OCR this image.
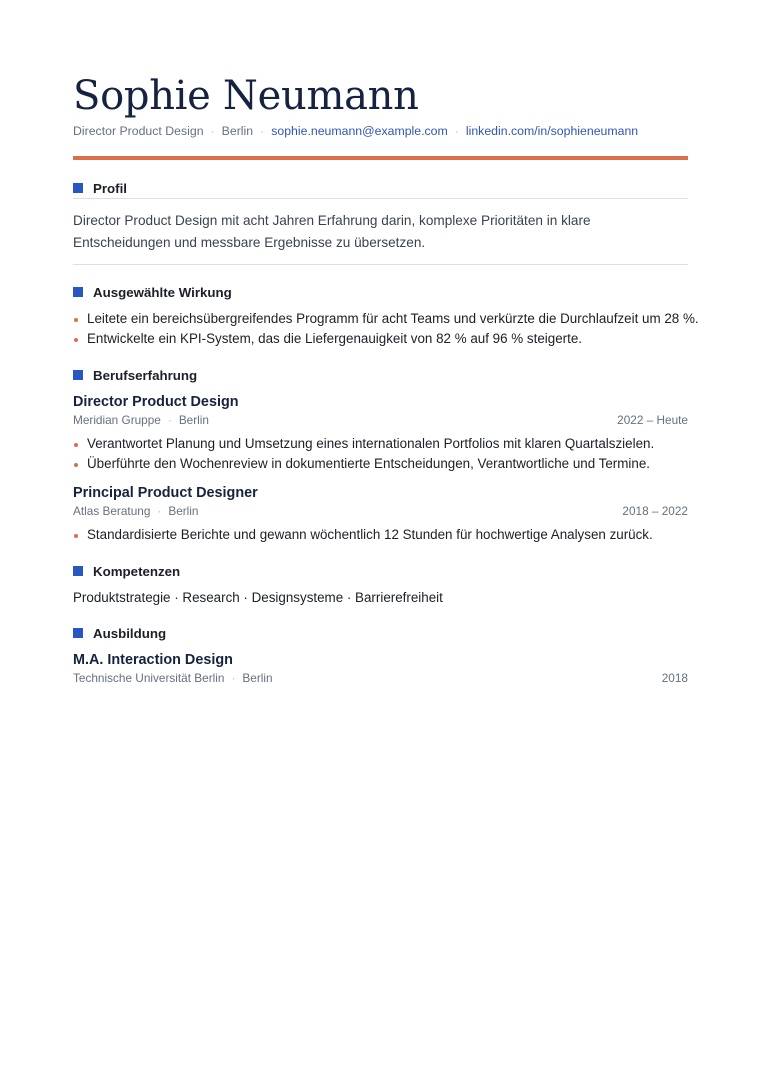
Sophie Neumann
Director Product Design · Berlin · sophie.neumann@example.com · linkedin.com/in/sophieneumann
Profil

Director Product Design mit acht Jahren Erfahrung darin, komplexe Prioritäten in klare Entscheidungen und messbare Ergebnisse zu übersetzen.

Ausgewählte Wirkung
Leitete ein bereichsübergreifendes Programm für acht Teams und verkürzte die Durchlaufzeit um 28 %.
Entwickelte ein KPI-System, das die Liefergenauigkeit von 82 % auf 96 % steigerte.
Berufserfahrung
Director Product Design
Meridian Gruppe · Berlin	2022 – Heute
Verantwortet Planung und Umsetzung eines internationalen Portfolios mit klaren Quartalszielen.
Überführte den Wochenreview in dokumentierte Entscheidungen, Verantwortliche und Termine.
Principal Product Designer
Atlas Beratung · Berlin	2018 – 2022
Standardisierte Berichte und gewann wöchentlich 12 Stunden für hochwertige Analysen zurück.
Kompetenzen
Produktstrategie · Research · Designsysteme · Barrierefreiheit
Ausbildung
M.A. Interaction Design
Technische Universität Berlin · Berlin	2018
